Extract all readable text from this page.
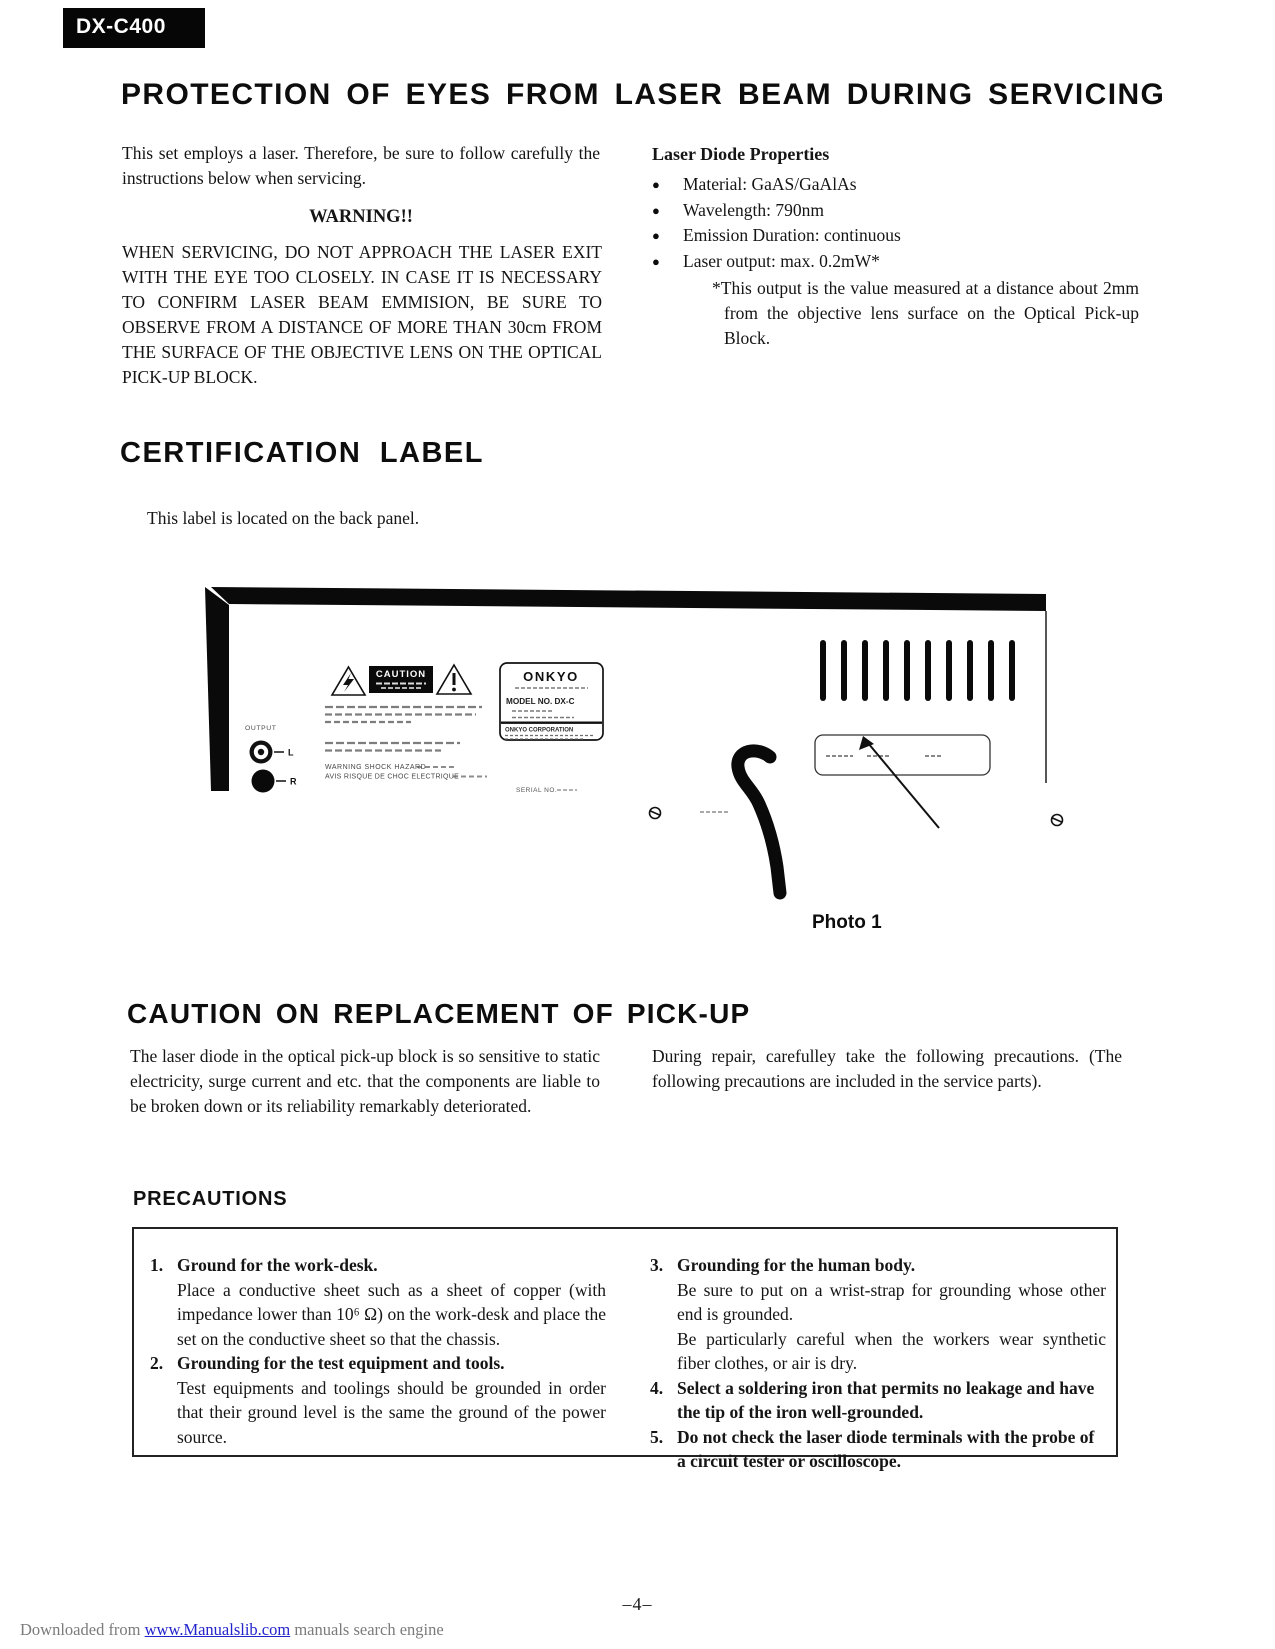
DX-C400
PROTECTION OF EYES FROM LASER BEAM DURING SERVICING
This set employs a laser. Therefore, be sure to follow carefully the instructions below when servicing.
WARNING!!
WHEN SERVICING, DO NOT APPROACH THE LASER EXIT WITH THE EYE TOO CLOSELY. IN CASE IT IS NECESSARY TO CONFIRM LASER BEAM EMMISION, BE SURE TO OBSERVE FROM A DISTANCE OF MORE THAN 30cm FROM THE SURFACE OF THE OBJECTIVE LENS ON THE OPTICAL PICK-UP BLOCK.
Laser Diode Properties
●	Material: GaAS/GaAlAs
●	Wavelength: 790nm
●	Emission Duration: continuous
●	Laser output: max. 0.2mW*
*This output is the value measured at a distance about 2mm from the objective lens surface on the Optical Pick-up Block.
CERTIFICATION LABEL
This label is located on the back panel.
CAUTION
WARNING SHOCK HAZARD
AVIS RISQUE DE CHOC ELECTRIQUE
OUTPUT
L
R
ONKYO
MODEL NO. DX-C
ONKYO CORPORATION
SERIAL NO.
Photo 1
CAUTION ON REPLACEMENT OF PICK-UP
The laser diode in the optical pick-up block is so sensitive to static electricity, surge current and etc. that the components are liable to be broken down or its reliability remarkably deteriorated.
During repair, carefulley take the following precautions. (The following precautions are included in the service parts).
PRECAUTIONS
1. Ground for the work-desk.

Place a conductive sheet such as a sheet of copper (with impedance lower than 10⁶ Ω) on the work-desk and place the set on the conductive sheet so that the chassis.

2. Grounding for the test equipment and tools.

Test equipments and toolings should be grounded in order that their ground level is the same the ground of the power source.

3. Grounding for the human body.

Be sure to put on a wrist-strap for grounding whose other end is grounded.

Be particularly careful when the workers wear synthetic fiber clothes, or air is dry.

4. Select a soldering iron that permits no leakage and have the tip of the iron well-grounded.
5. Do not check the laser diode terminals with the probe of a circuit tester or oscilloscope.
–4–
Downloaded from www.Manualslib.com manuals search engine
